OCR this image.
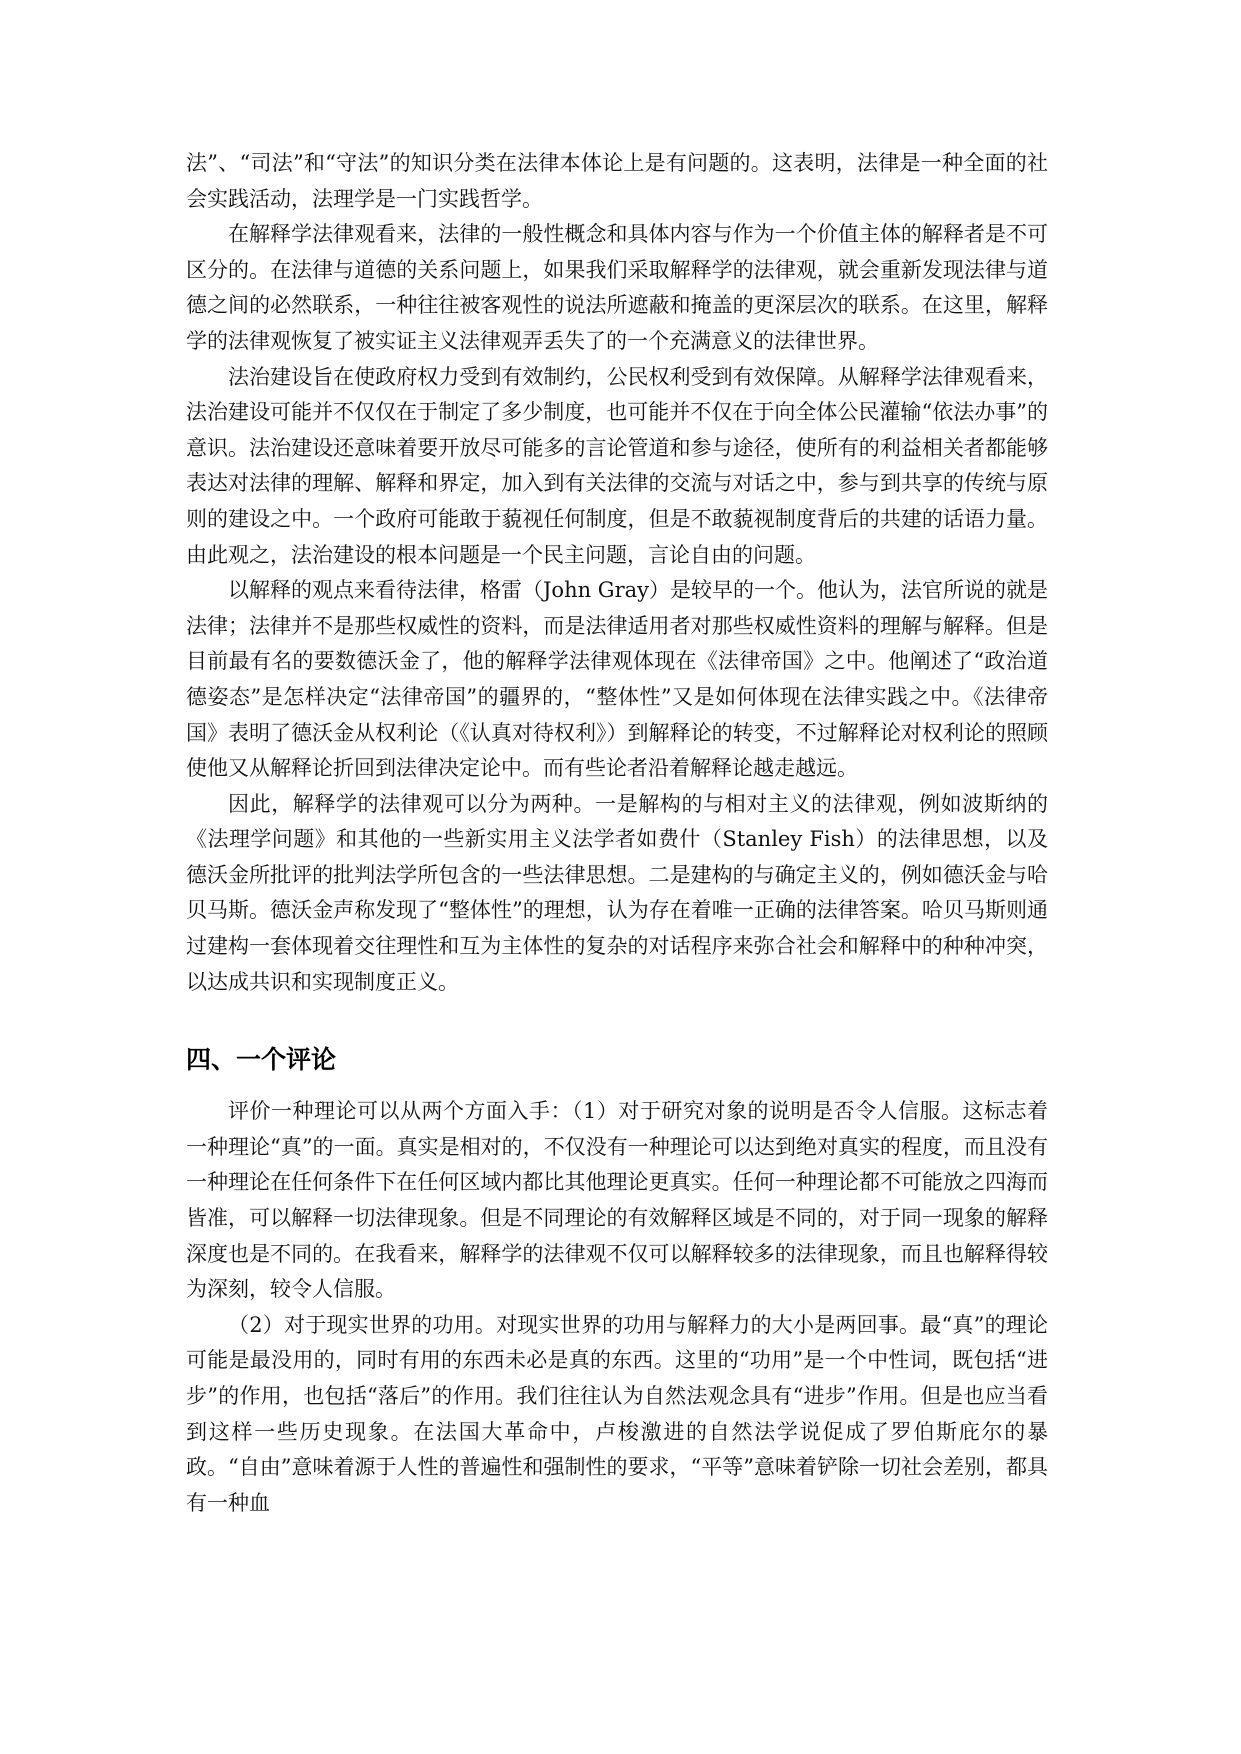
法”、“司法”和“守法”的知识分类在法律本体论上是有问题的。这表明，法律是一种全面的社会实践活动，法理学是一门实践哲学。

在解释学法律观看来，法律的一般性概念和具体内容与作为一个价值主体的解释者是不可区分的。在法律与道德的关系问题上，如果我们采取解释学的法律观，就会重新发现法律与道德之间的必然联系，一种往往被客观性的说法所遮蔽和掩盖的更深层次的联系。在这里，解释学的法律观恢复了被实证主义法律观弄丢失了的一个充满意义的法律世界。

法治建设旨在使政府权力受到有效制约，公民权利受到有效保障。从解释学法律观看来，法治建设可能并不仅仅在于制定了多少制度，也可能并不仅在于向全体公民灌输“依法办事”的意识。法治建设还意味着要开放尽可能多的言论管道和参与途径，使所有的利益相关者都能够表达对法律的理解、解释和界定，加入到有关法律的交流与对话之中，参与到共享的传统与原则的建设之中。一个政府可能敢于藐视任何制度，但是不敢藐视制度背后的共建的话语力量。由此观之，法治建设的根本问题是一个民主问题，言论自由的问题。

以解释的观点来看待法律，格雷（John Gray）是较早的一个。他认为，法官所说的就是法律；法律并不是那些权威性的资料，而是法律适用者对那些权威性资料的理解与解释。但是目前最有名的要数德沃金了，他的解释学法律观体现在《法律帝国》之中。他阐述了“政治道德姿态”是怎样决定“法律帝国”的疆界的，“整体性”又是如何体现在法律实践之中。《法律帝国》表明了德沃金从权利论（《认真对待权利》）到解释论的转变，不过解释论对权利论的照顾使他又从解释论折回到法律决定论中。而有些论者沿着解释论越走越远。

因此，解释学的法律观可以分为两种。一是解构的与相对主义的法律观，例如波斯纳的《法理学问题》和其他的一些新实用主义法学者如费什（Stanley Fish）的法律思想，以及德沃金所批评的批判法学所包含的一些法律思想。二是建构的与确定主义的，例如德沃金与哈贝马斯。德沃金声称发现了“整体性”的理想，认为存在着唯一正确的法律答案。哈贝马斯则通过建构一套体现着交往理性和互为主体性的复杂的对话程序来弥合社会和解释中的种种冲突，以达成共识和实现制度正义。

四、一个评论

评价一种理论可以从两个方面入手：（1）对于研究对象的说明是否令人信服。这标志着一种理论“真”的一面。真实是相对的，不仅没有一种理论可以达到绝对真实的程度，而且没有一种理论在任何条件下在任何区域内都比其他理论更真实。任何一种理论都不可能放之四海而皆准，可以解释一切法律现象。但是不同理论的有效解释区域是不同的，对于同一现象的解释深度也是不同的。在我看来，解释学的法律观不仅可以解释较多的法律现象，而且也解释得较为深刻，较令人信服。

（2）对于现实世界的功用。对现实世界的功用与解释力的大小是两回事。最“真”的理论可能是最没用的，同时有用的东西未必是真的东西。这里的“功用”是一个中性词，既包括“进步”的作用，也包括“落后”的作用。我们往往认为自然法观念具有“进步”作用。但是也应当看到这样一些历史现象。在法国大革命中，卢梭激进的自然法学说促成了罗伯斯庇尔的暴政。“自由”意味着源于人性的普遍性和强制性的要求，“平等”意味着铲除一切社会差别，都具有一种血
